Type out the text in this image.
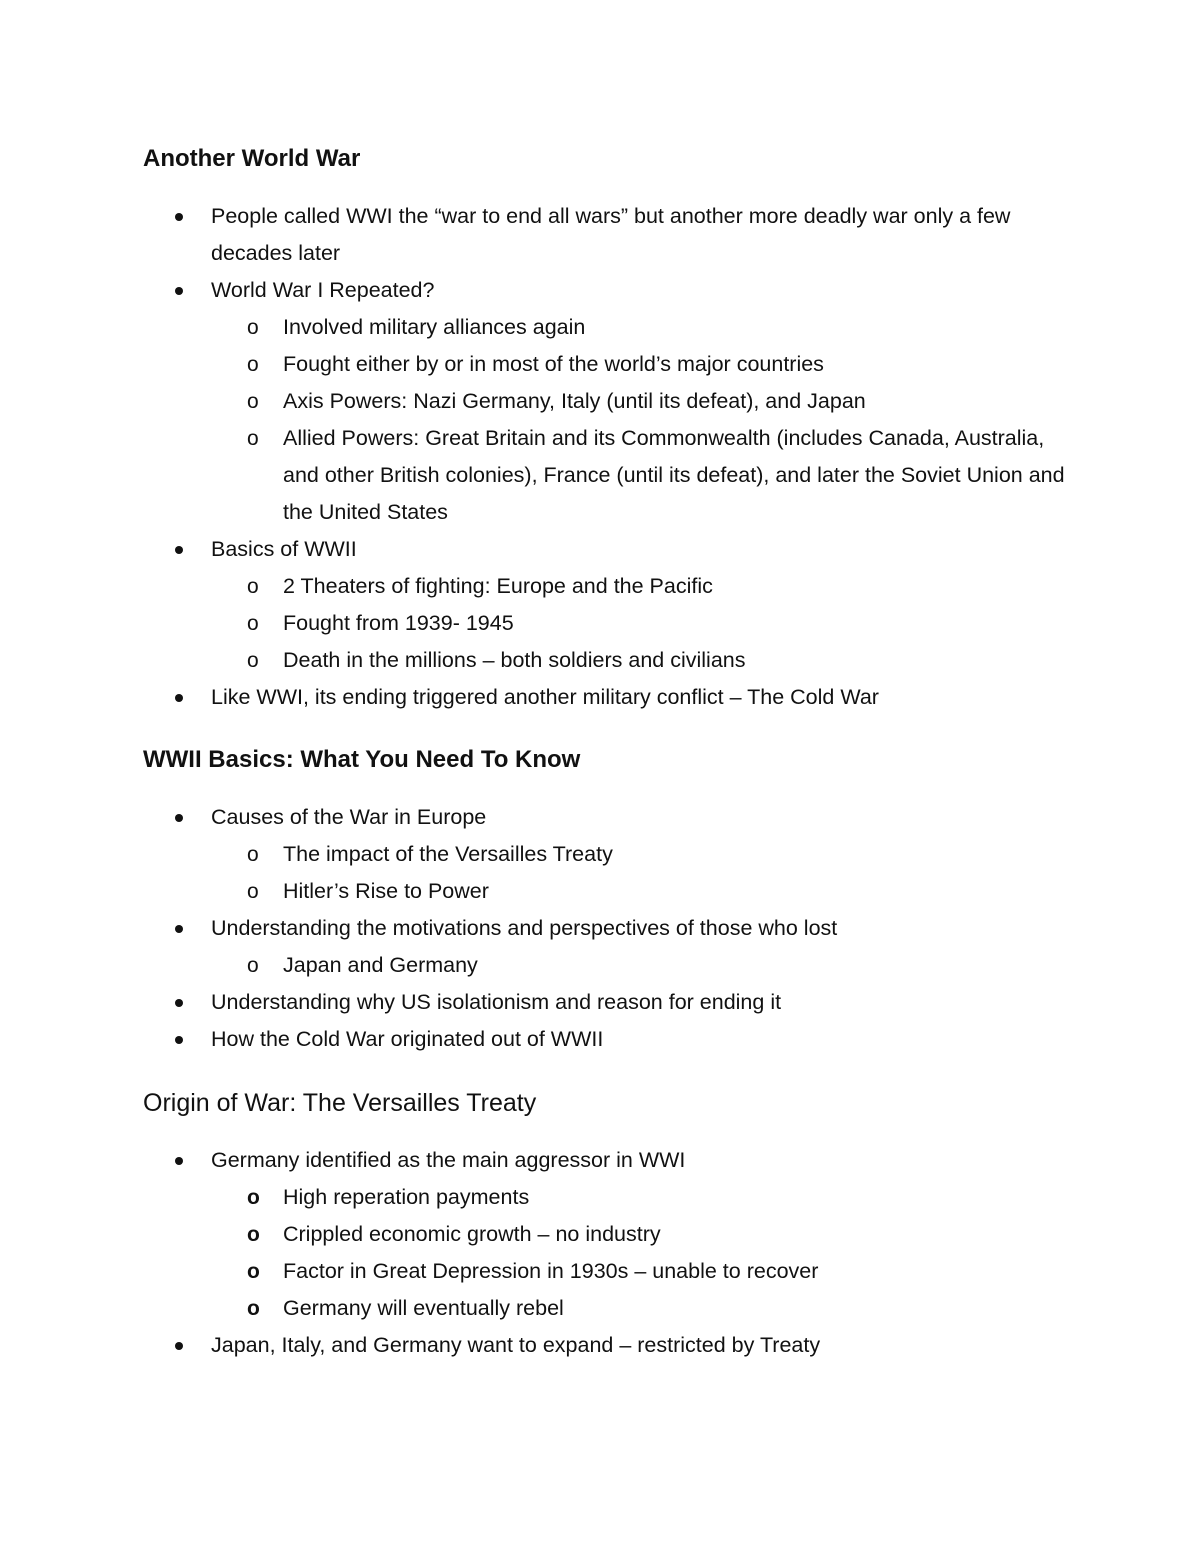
Another World War
People called WWI the “war to end all wars” but another more deadly war only a few decades later
World War I Repeated?
o Involved military alliances again
o Fought either by or in most of the world’s major countries
o Axis Powers: Nazi Germany, Italy (until its defeat), and Japan
o Allied Powers: Great Britain and its Commonwealth (includes Canada, Australia, and other British colonies), France (until its defeat), and later the Soviet Union and the United States
Basics of WWII
o 2 Theaters of fighting: Europe and the Pacific
o Fought from 1939- 1945
o Death in the millions – both soldiers and civilians
Like WWI, its ending triggered another military conflict – The Cold War
WWII Basics: What You Need To Know
Causes of the War in Europe
o The impact of the Versailles Treaty
o Hitler’s Rise to Power
Understanding the motivations and perspectives of those who lost
o Japan and Germany
Understanding why US isolationism and reason for ending it
How the Cold War originated out of WWII
Origin of War: The Versailles Treaty
Germany identified as the main aggressor in WWI
o High reperation payments
o Crippled economic growth – no industry
o Factor in Great Depression in 1930s – unable to recover
o Germany will eventually rebel
Japan, Italy, and Germany want to expand – restricted by Treaty
